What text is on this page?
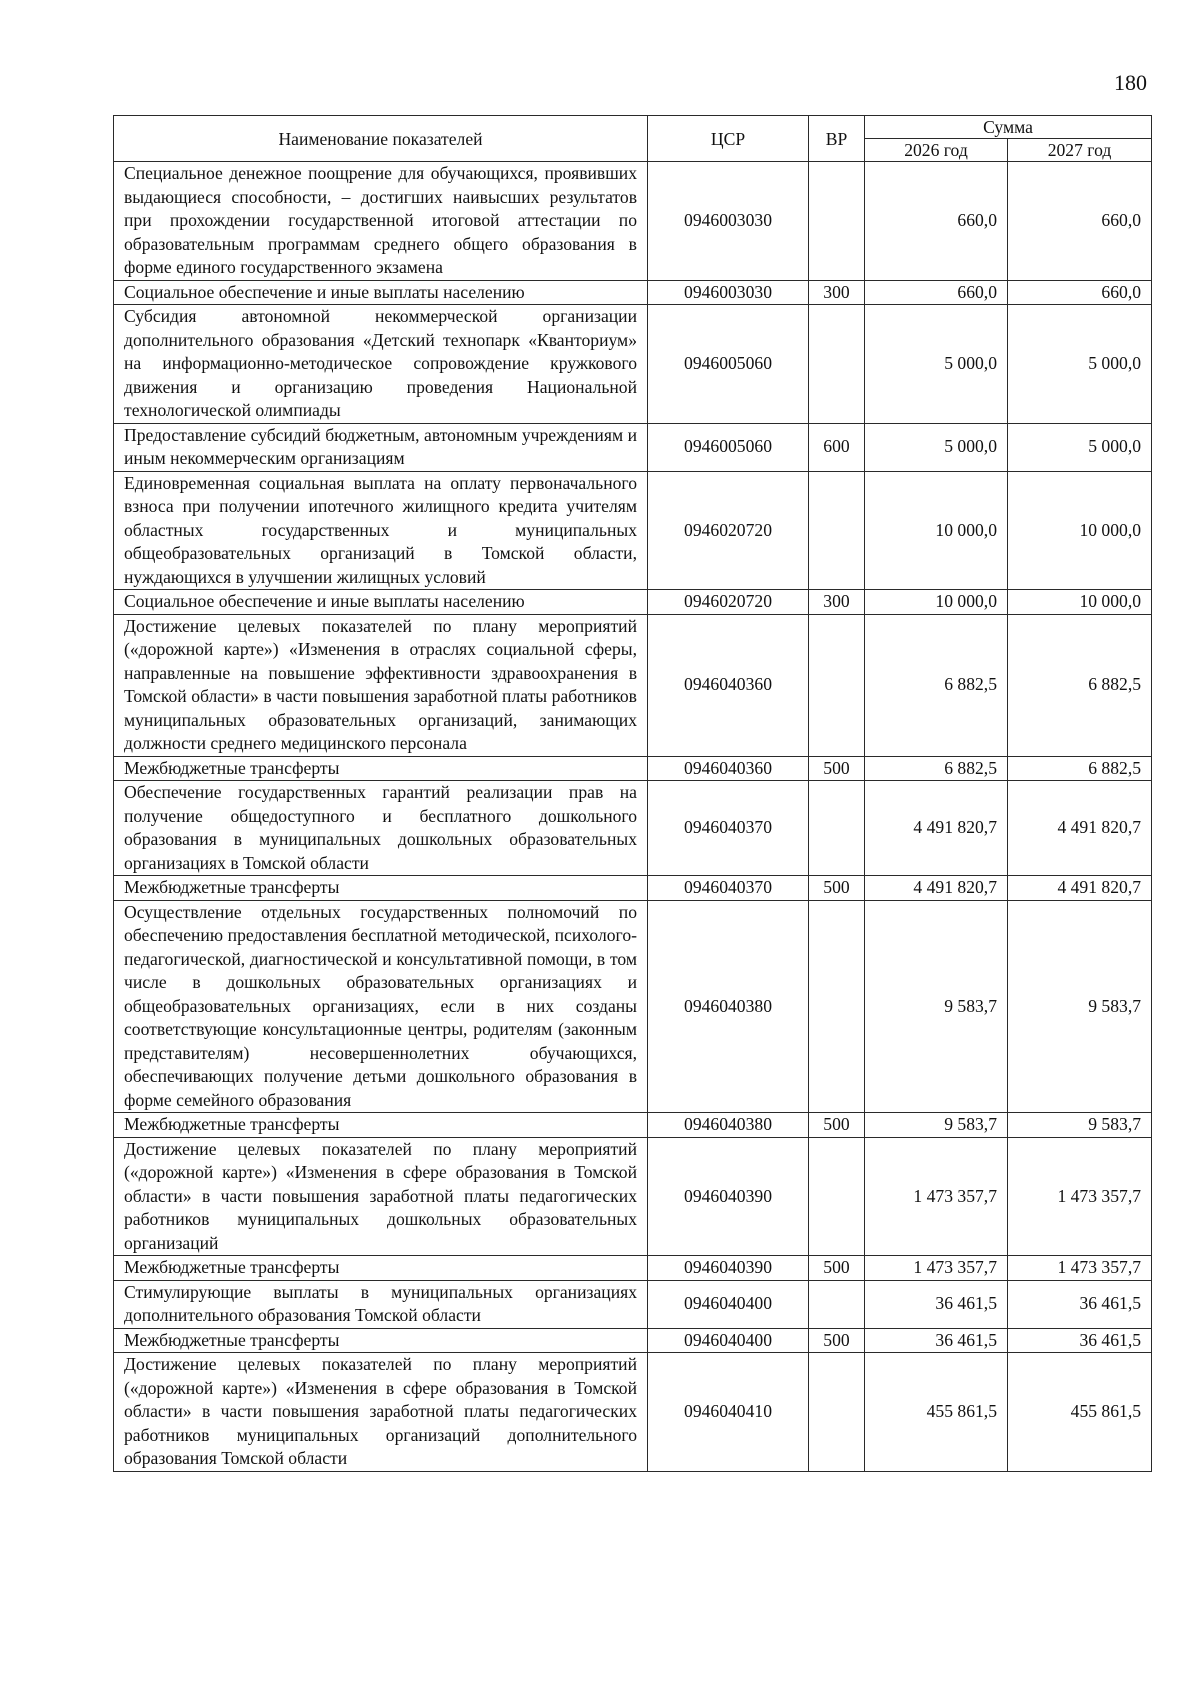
180
Наименование показателей	ЦСР	ВР	Сумма	
			2026 год	2027 год
Специальное денежное поощрение для обучающихся, проявивших выдающиеся способности, – достигших наивысших результатов при прохождении государственной итоговой аттестации по образовательным программам среднего общего образования в форме единого государственного экзамена	0946003030		660,0	660,0
Социальное обеспечение и иные выплаты населению	0946003030	300	660,0	660,0
Субсидия автономной некоммерческой организации дополнительного образования «Детский технопарк «Кванториум» на информационно-методическое сопровождение кружкового движения и организацию проведения Национальной технологической олимпиады	0946005060		5 000,0	5 000,0
Предоставление субсидий бюджетным, автономным учреждениям и иным некоммерческим организациям	0946005060	600	5 000,0	5 000,0
Единовременная социальная выплата на оплату первоначального взноса при получении ипотечного жилищного кредита учителям областных государственных и муниципальных общеобразовательных организаций в Томской области, нуждающихся в улучшении жилищных условий	0946020720		10 000,0	10 000,0
Социальное обеспечение и иные выплаты населению	0946020720	300	10 000,0	10 000,0
Достижение целевых показателей по плану мероприятий («дорожной карте») «Изменения в отраслях социальной сферы, направленные на повышение эффективности здравоохранения в Томской области» в части повышения заработной платы работников муниципальных образовательных организаций, занимающих должности среднего медицинского персонала	0946040360		6 882,5	6 882,5
Межбюджетные трансферты	0946040360	500	6 882,5	6 882,5
Обеспечение государственных гарантий реализации прав на получение общедоступного и бесплатного дошкольного образования в муниципальных дошкольных образовательных организациях в Томской области	0946040370		4 491 820,7	4 491 820,7
Межбюджетные трансферты	0946040370	500	4 491 820,7	4 491 820,7
Осуществление отдельных государственных полномочий по обеспечению предоставления бесплатной методической, психолого-педагогической, диагностической и консультативной помощи, в том числе в дошкольных образовательных организациях и общеобразовательных организациях, если в них созданы соответствующие консультационные центры, родителям (законным представителям) несовершеннолетних обучающихся, обеспечивающих получение детьми дошкольного образования в форме семейного образования	0946040380		9 583,7	9 583,7
Межбюджетные трансферты	0946040380	500	9 583,7	9 583,7
Достижение целевых показателей по плану мероприятий («дорожной карте») «Изменения в сфере образования в Томской области» в части повышения заработной платы педагогических работников муниципальных дошкольных образовательных организаций	0946040390		1 473 357,7	1 473 357,7
Межбюджетные трансферты	0946040390	500	1 473 357,7	1 473 357,7
Стимулирующие выплаты в муниципальных организациях дополнительного образования Томской области	0946040400		36 461,5	36 461,5
Межбюджетные трансферты	0946040400	500	36 461,5	36 461,5
Достижение целевых показателей по плану мероприятий («дорожной карте») «Изменения в сфере образования в Томской области» в части повышения заработной платы педагогических работников муниципальных организаций дополнительного образования Томской области	0946040410		455 861,5	455 861,5
